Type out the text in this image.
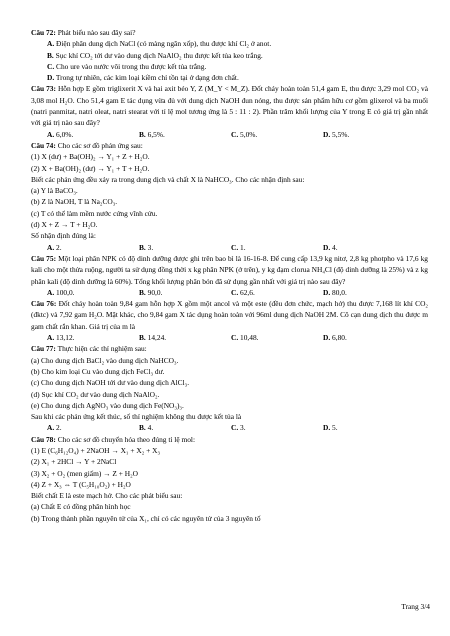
Câu 72: Phát biểu nào sau đây sai?
A. Điện phân dung dịch NaCl (có màng ngăn xốp), thu được khí Cl₂ ở anot.
B. Sục khí CO₂ tới dư vào dung dịch NaAlO₂ thu được kết tủa keo trắng.
C. Cho ure vào nước vôi trong thu được kết tủa trắng.
D. Trong tự nhiên, các kim loại kiềm chỉ tồn tại ở dạng đơn chất.
Câu 73: Hỗn hợp E gồm triglixerit X và hai axit béo Y, Z (M_Y < M_Z). Đốt cháy hoàn toàn 51,4 gam E, thu được 3,29 mol CO₂ và 3,08 mol H₂O. Cho 51,4 gam E tác dụng vừa đủ với dung dịch NaOH đun nóng, thu được sản phẩm hữu cơ gồm glixerol và ba muối (natri panmitat, natri oleat, natri stearat với tỉ lệ mol tương ứng là 5 : 11 : 2). Phần trăm khối lượng của Y trong E có giá trị gần nhất với giá trị nào sau đây?
A. 6,0%.	B. 6,5%.	C. 5,0%.	D. 5,5%.
Câu 74: Cho các sơ đồ phản ứng sau:
(1) X (dư) + Ba(OH)₂ → Y₁ + Z + H₂O.
(2) X + Ba(OH)₂ (dư) → Y₁ + T + H₂O.
Biết các phản ứng đều xảy ra trong dung dịch và chất X là NaHCO₃. Cho các nhận định sau:
(a) Y là BaCO₃.
(b) Z là NaOH, T là Na₂CO₃.
(c) T có thể làm mềm nước cứng vĩnh cửu.
(d) X + Z → T + H₂O.
Số nhận định đúng là:
A. 2.	B. 3.	C. 1.	D. 4.
Câu 75: Một loại phân NPK có độ dinh dưỡng được ghi trên bao bì là 16-16-8. Để cung cấp 13,9 kg nitơ, 2,8 kg photpho và 17,6 kg kali cho một thửa ruộng, người ta sử dụng đồng thời x kg phân NPK (ở trên), y kg đạm clorua NH₄Cl (độ dinh dưỡng là 25%) và z kg phân kali (độ dinh dưỡng là 60%). Tổng khối lượng phân bón đã sử dụng gần nhất với giá trị nào sau đây?
A. 100,0.	B. 90,0.	C. 62,6.	D. 80,0.
Câu 76: Đốt cháy hoàn toàn 9,84 gam hỗn hợp X gồm một ancol và một este (đều đơn chức, mạch hở) thu được 7,168 lít khí CO₂ (đktc) và 7,92 gam H₂O. Mặt khác, cho 9,84 gam X tác dụng hoàn toàn với 96ml dung dịch NaOH 2M. Cô cạn dung dịch thu được m gam chất rắn khan. Giá trị của m là
A. 13,12.	B. 14,24.	C. 10,48.	D. 6,80.
Câu 77: Thực hiện các thí nghiệm sau:
(a) Cho dung dịch BaCl₂ vào dung dịch NaHCO₃.
(b) Cho kim loại Cu vào dung dịch FeCl₃ dư.
(c) Cho dung dịch NaOH tới dư vào dung dịch AlCl₃.
(d) Sục khí CO₂ dư vào dung dịch NaAlO₂.
(e) Cho dung dịch AgNO₃ vào dung dịch Fe(NO₃)₃.
Sau khi các phản ứng kết thúc, số thí nghiệm không thu được kết tủa là
A. 2.	B. 4.	C. 3.	D. 5.
Câu 78: Cho các sơ đồ chuyển hóa theo đúng tỉ lệ mol:
(1) E (C₆H₁₂O₄) + 2NaOH → X₁ + X₂ + X₃
(2) X₁ + 2HCl → Y + 2NaCl
(3) X₂ + O₂ (men giấm) → Z + H₂O
(4) Z + X₃ ⇔ T (C₅H₁₀O₂) + H₂O
Biết chất E là este mạch hở. Cho các phát biểu sau:
(a) Chất E có đồng phân hình học
(b) Trong thành phần nguyên tử của X₁, chỉ có các nguyên tử của 3 nguyên tố
Trang 3/4
